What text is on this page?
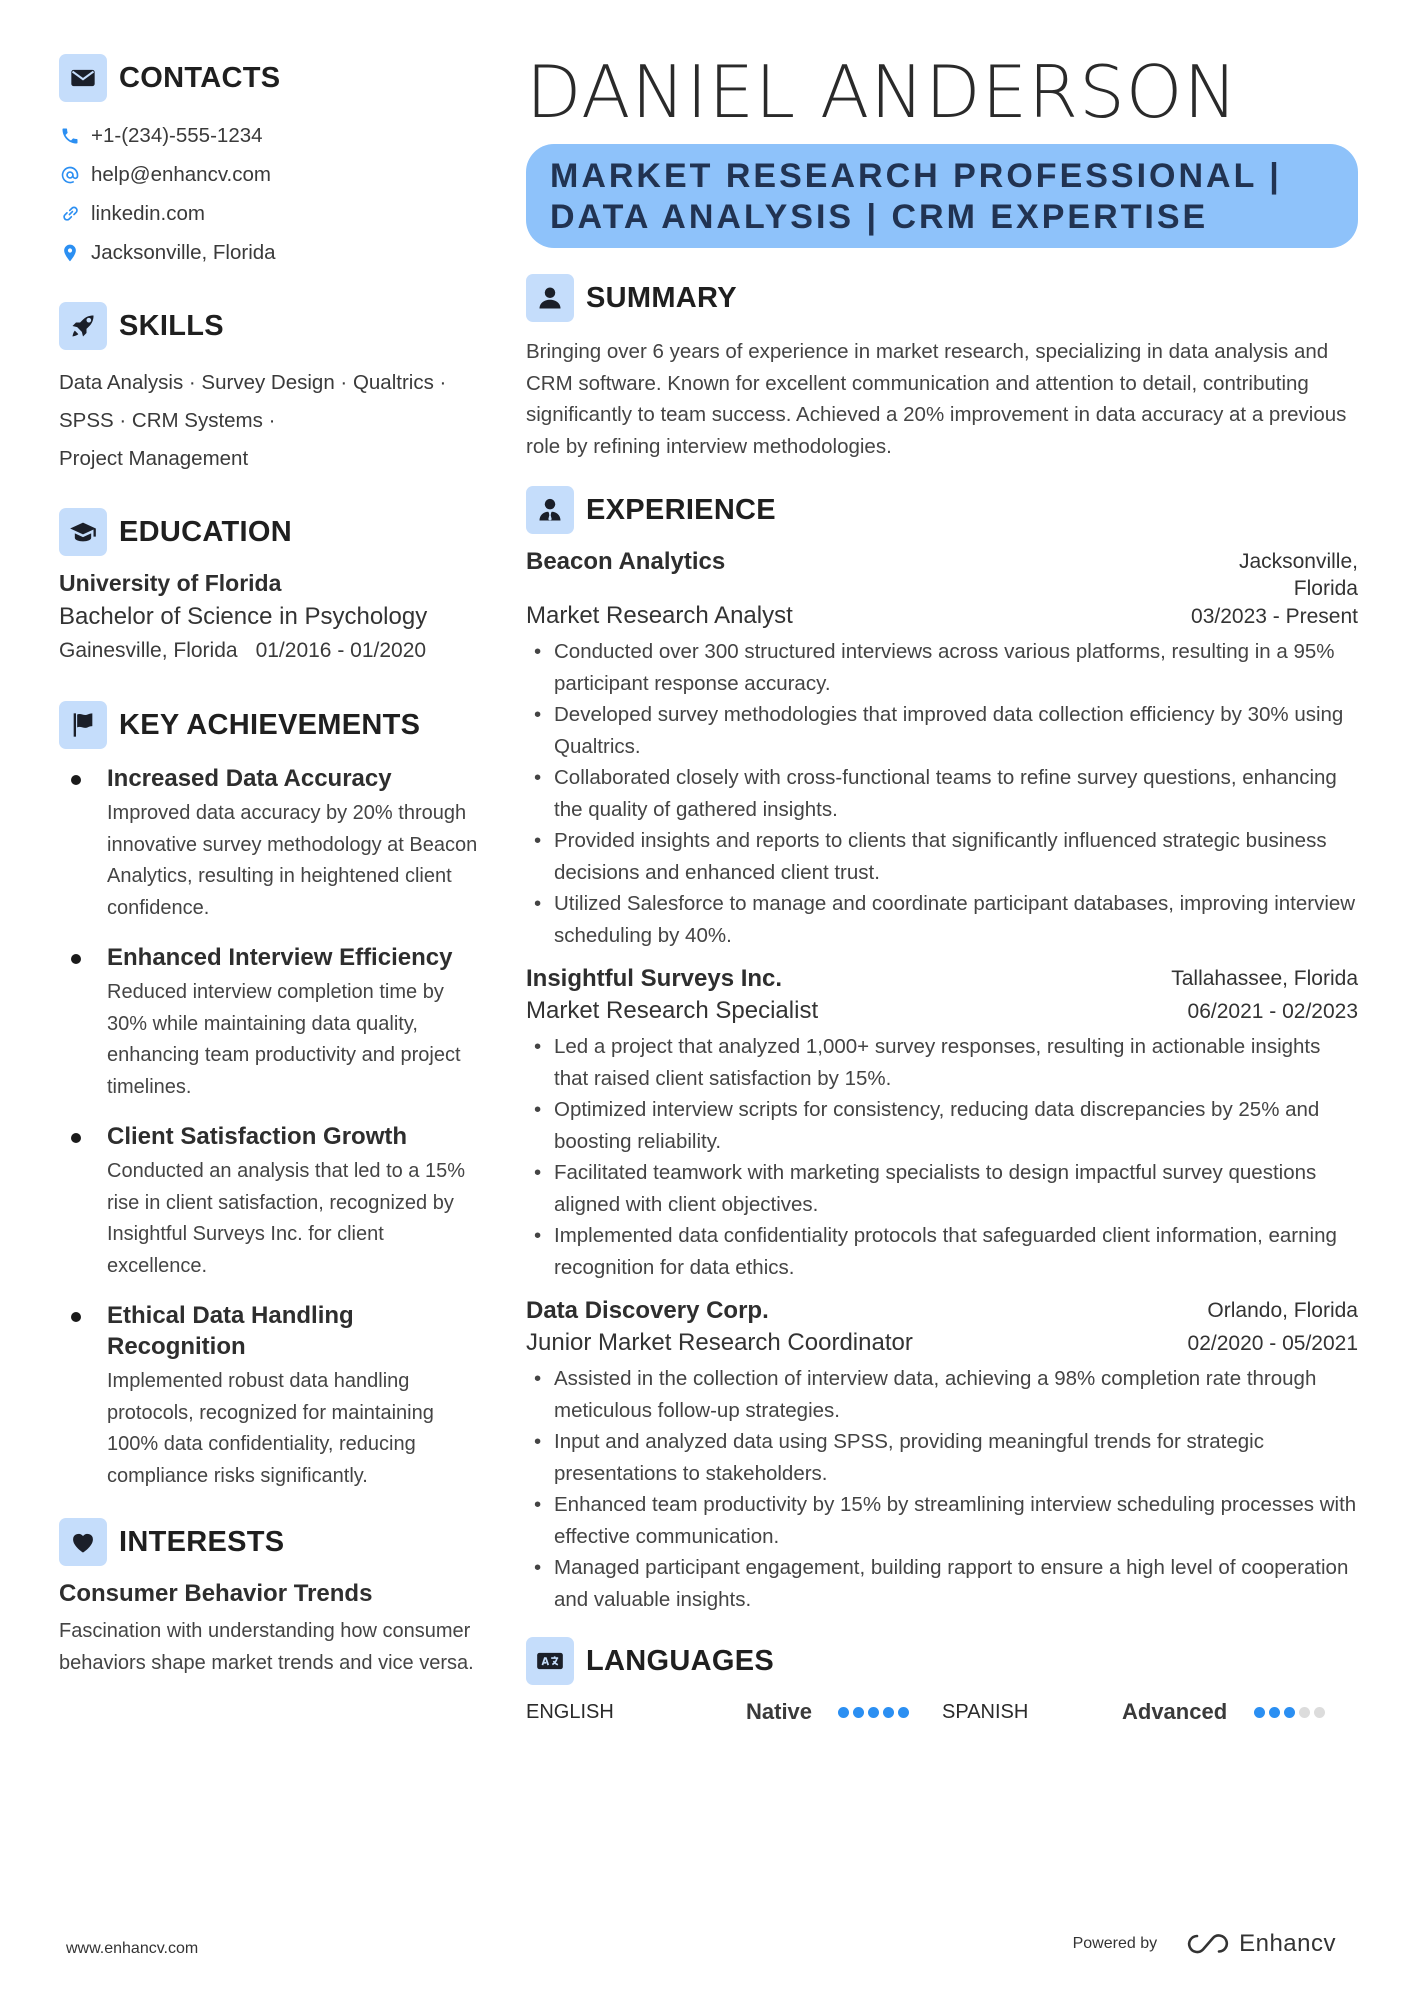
CONTACTS
+1-(234)-555-1234
help@enhancv.com
linkedin.com
Jacksonville, Florida
SKILLS
Data Analysis · Survey Design · Qualtrics ·
SPSS · CRM Systems ·
Project Management
EDUCATION
University of Florida
Bachelor of Science in Psychology
Gainesville, Florida 01/2016 - 01/2020
KEY ACHIEVEMENTS
Increased Data Accuracy
Improved data accuracy by 20% through innovative survey methodology at Beacon Analytics, resulting in heightened client confidence.
Enhanced Interview Efficiency
Reduced interview completion time by 30% while maintaining data quality, enhancing team productivity and project timelines.
Client Satisfaction Growth
Conducted an analysis that led to a 15% rise in client satisfaction, recognized by Insightful Surveys Inc. for client excellence.
Ethical Data Handling Recognition
Implemented robust data handling protocols, recognized for maintaining 100% data confidentiality, reducing compliance risks significantly.
INTERESTS
Consumer Behavior Trends
Fascination with understanding how consumer behaviors shape market trends and vice versa.
DANIEL ANDERSON
MARKET RESEARCH PROFESSIONAL |
DATA ANALYSIS | CRM EXPERTISE
SUMMARY
Bringing over 6 years of experience in market research, specializing in data analysis and CRM software. Known for excellent communication and attention to detail, contributing significantly to team success. Achieved a 20% improvement in data accuracy at a previous role by refining interview methodologies.
EXPERIENCE
Beacon Analytics	Jacksonville,
Florida
Market Research Analyst	03/2023 - Present
• Conducted over 300 structured interviews across various platforms, resulting in a 95% participant response accuracy.
• Developed survey methodologies that improved data collection efficiency by 30% using Qualtrics.
• Collaborated closely with cross-functional teams to refine survey questions, enhancing the quality of gathered insights.
• Provided insights and reports to clients that significantly influenced strategic business decisions and enhanced client trust.
• Utilized Salesforce to manage and coordinate participant databases, improving interview scheduling by 40%.
Insightful Surveys Inc.	Tallahassee, Florida
Market Research Specialist	06/2021 - 02/2023
• Led a project that analyzed 1,000+ survey responses, resulting in actionable insights that raised client satisfaction by 15%.
• Optimized interview scripts for consistency, reducing data discrepancies by 25% and boosting reliability.
• Facilitated teamwork with marketing specialists to design impactful survey questions aligned with client objectives.
• Implemented data confidentiality protocols that safeguarded client information, earning recognition for data ethics.
Data Discovery Corp.	Orlando, Florida
Junior Market Research Coordinator	02/2020 - 05/2021
• Assisted in the collection of interview data, achieving a 98% completion rate through meticulous follow-up strategies.
• Input and analyzed data using SPSS, providing meaningful trends for strategic presentations to stakeholders.
• Enhanced team productivity by 15% by streamlining interview scheduling processes with effective communication.
• Managed participant engagement, building rapport to ensure a high level of cooperation and valuable insights.
LANGUAGES
ENGLISH	Native	SPANISH	Advanced
www.enhancv.com	Powered by	Enhancv
